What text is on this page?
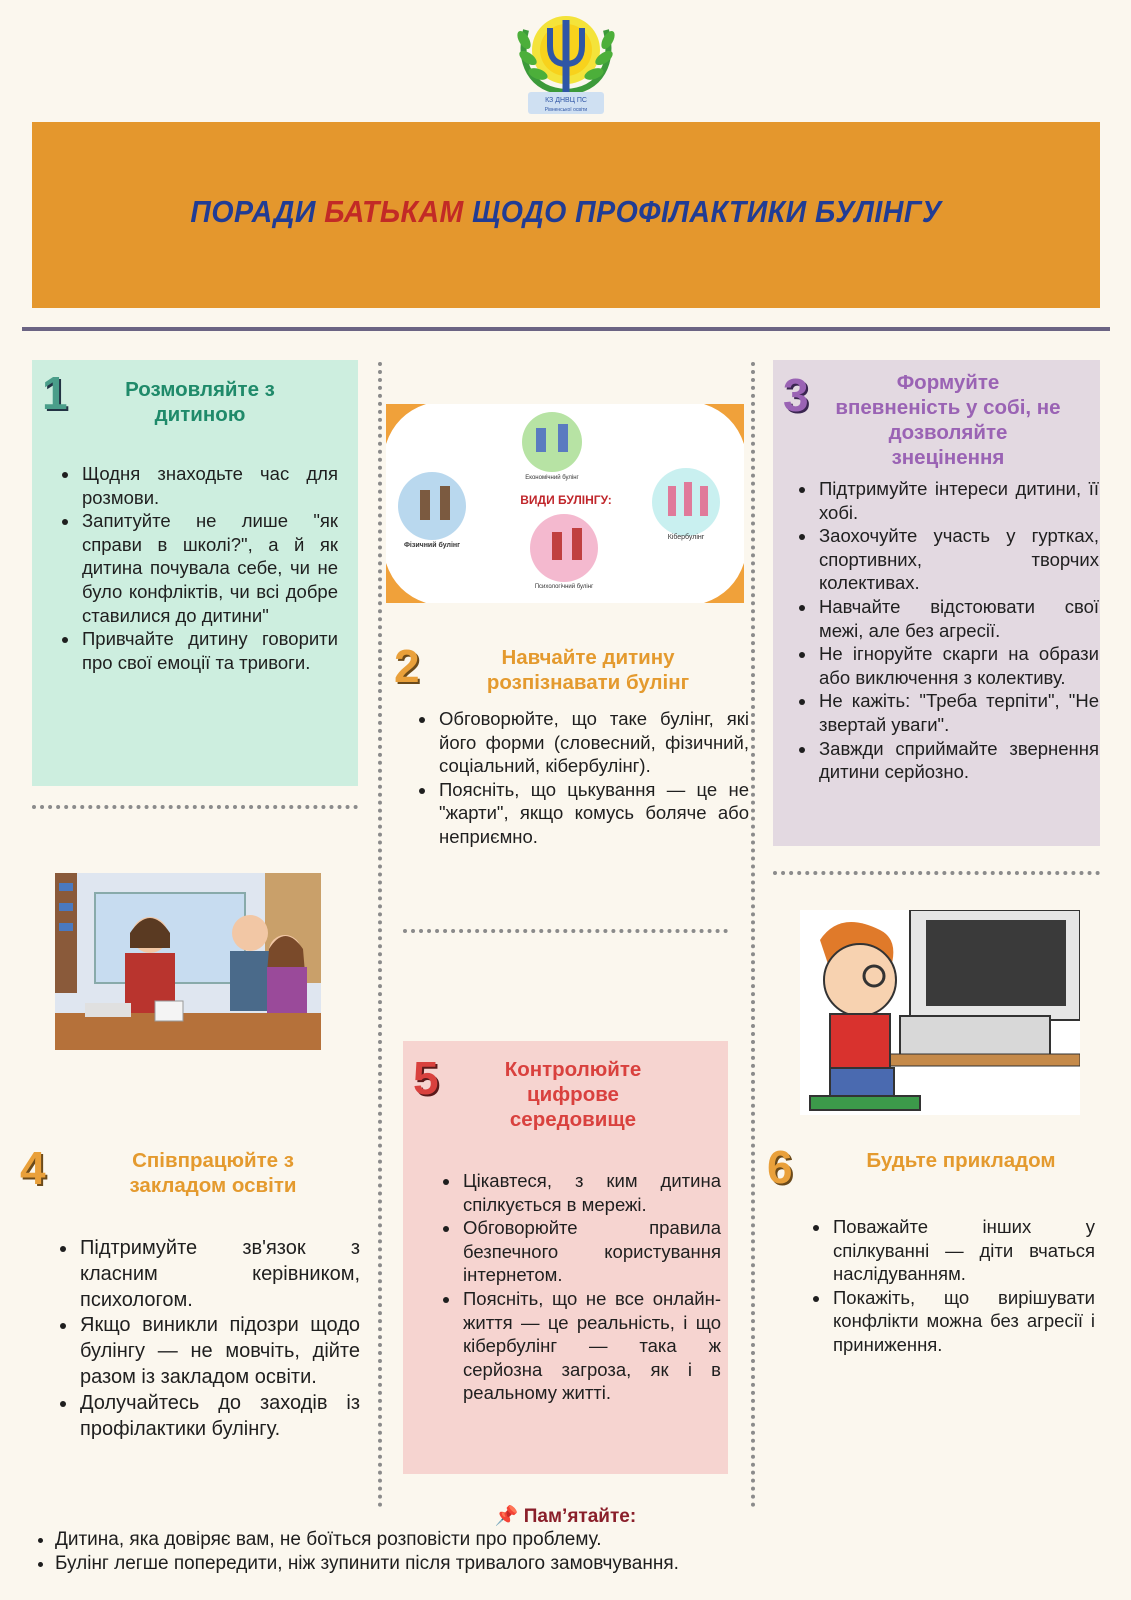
КЗ ДНВЦ ПС
Рівненської освіти
ПОРАДИ БАТЬКАМ ЩОДО ПРОФІЛАКТИКИ БУЛІНГУ
1	Розмовляйте з дитиною
• Щодня знаходьте час для розмови.
• Запитуйте не лише "як справи в школі?", а й як дитина почувала себе, чи не було конфліктів, чи всі добре ставилися до дитини"
• Привчайте дитину говорити про свої емоції та тривоги.
ВИДИ БУЛІНГУ:
Економічний булінг
Фізичний булінг
Кібербулінг
Психологічний булінг
2	Навчайте дитину розпізнавати булінг
• Обговорюйте, що таке булінг, які його форми (словесний, фізичний, соціальний, кібербулінг).
• Поясніть, що цькування — це не "жарти", якщо комусь боляче або неприємно.
3	Формуйте впевненість у собі, не дозволяйте знецінення
• Підтримуйте інтереси дитини, її хобі.
• Заохочуйте участь у гуртках, спортивних, творчих колективах.
• Навчайте відстоювати свої межі, але без агресії.
• Не ігноруйте скарги на образи або виключення з колективу.
• Не кажіть: "Треба терпіти", "Не звертай уваги".
• Завжди сприймайте звернення дитини серйозно.
4	Співпрацюйте з закладом освіти
• Підтримуйте зв'язок з класним керівником, психологом.
• Якщо виникли підозри щодо булінгу — не мовчіть, дійте разом із закладом освіти.
• Долучайтесь до заходів із профілактики булінгу.
5	Контролюйте цифрове середовище
• Цікавтеся, з ким дитина спілкується в мережі.
• Обговорюйте правила безпечного користування інтернетом.
• Поясніть, що не все онлайн-життя — це реальність, і що кібербулінг — така ж серйозна загроза, як і в реальному житті.
6	Будьте прикладом
• Поважайте інших у спілкуванні — діти вчаться наслідуванням.
• Покажіть, що вирішувати конфлікти можна без агресії і приниження.
📌 Пам’ятайте:
• Дитина, яка довіряє вам, не боїться розповісти про проблему.
• Булінг легше попередити, ніж зупинити після тривалого замовчування.
